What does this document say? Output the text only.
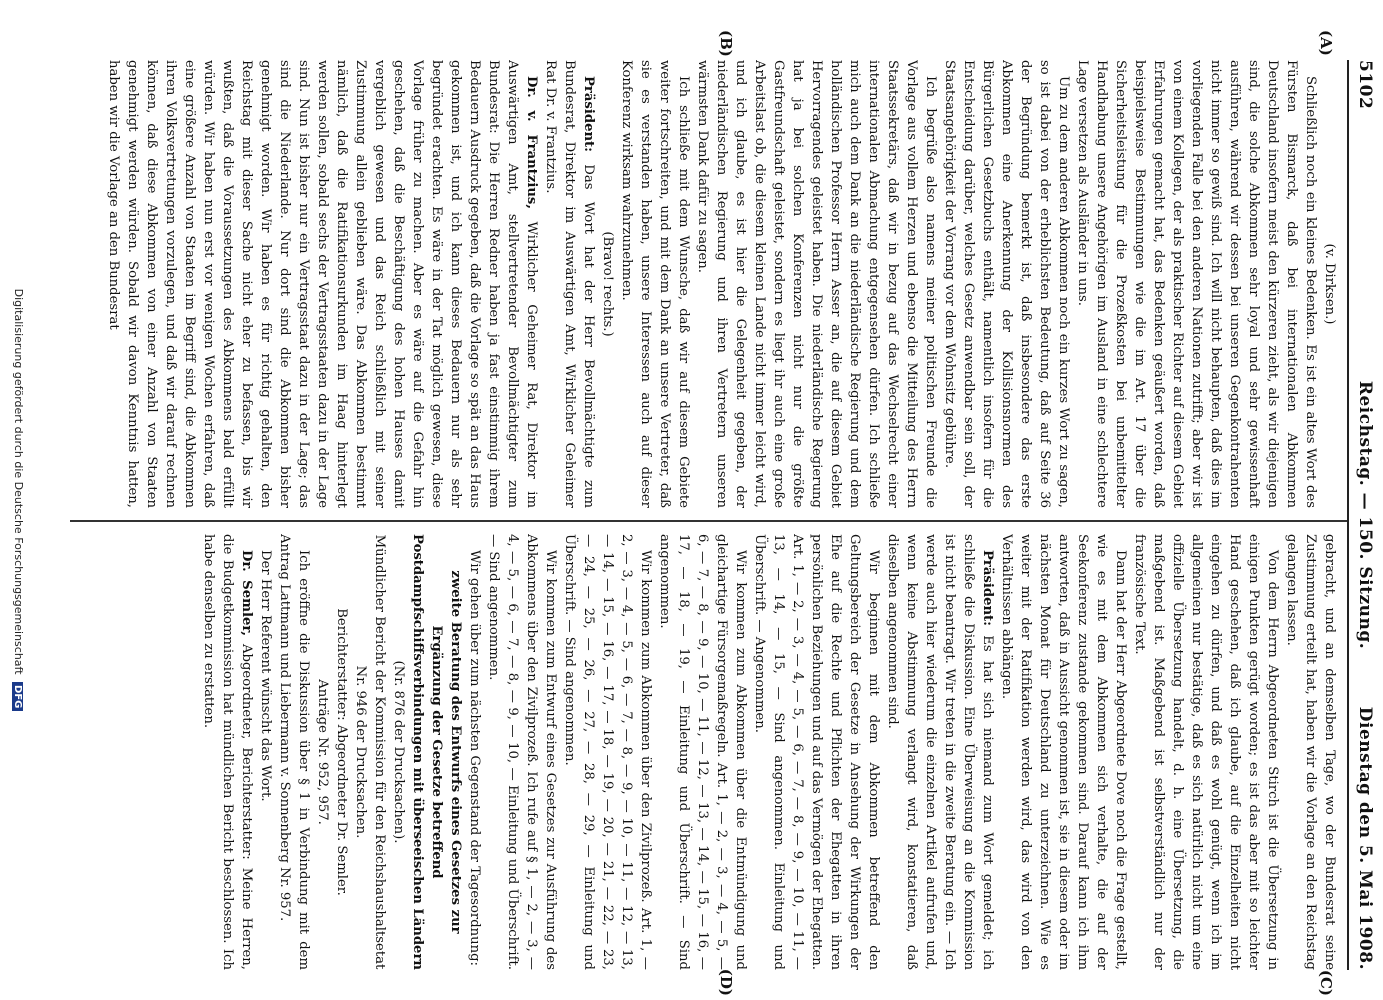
5102
Reichstag. — 150. Sitzung.
Dienstag den 5. Mai 1908.
(A)
(B)
(C)
(D)

(v. Dirksen.)

Schließlich noch ein kleines Bedenken. Es ist ein altes Wort des Fürsten Bismarck, daß bei internationalen Abkommen Deutschland insofern meist den kürzeren zieht, als wir diejenigen sind, die solche Abkommen sehr loyal und sehr gewissenhaft ausführen, während wir dessen bei unseren Gegenkontrahenten nicht immer so gewiß sind. Ich will nicht behaupten, daß dies im vorliegenden Falle bei den anderen Nationen zutrifft; aber wir ist von einem Kollegen, der als praktischer Richter auf diesem Gebiet Erfahrungen gemacht hat, das Bedenken geäußert worden, daß beispielsweise Bestimmungen wie die im Art. 17 über die Sicherheitsleistung für die Prozeßkosten bei unbemittelter Handhabung unsere Angehörigen im Ausland in eine schlechtere Lage versetzen als Ausländer in uns.

Um zu dem anderen Abkommen noch ein kurzes Wort zu sagen, so ist dabei von der erheblichsten Bedeutung, daß auf Seite 36 der Begründung bemerkt ist, daß insbesondere das erste Abkommen eine Anerkennung der Kollisionsnormen des Bürgerlichen Gesetzbuchs enthält, namentlich insofern für die Entscheidung darüber, welches Gesetz anwendbar sein soll, der Staatsangehörigkeit der Vorrang vor dem Wohnsitz gebühre.

Ich begrüße also namens meiner politischen Freunde die Vorlage aus vollem Herzen und ebenso die Mitteilung des Herrn Staatssekretärs, daß wir in bezug auf das Wechselrecht einer internationalen Abmachung entgegensehen dürfen. Ich schließe mich auch dem Dank an die niederländische Regierung und dem holländischen Professor Herrn Asser an, die auf diesem Gebiet Hervorragendes geleistet haben. Die niederländische Regierung hat ja bei solchen Konferenzen nicht nur die größte Gastfreundschaft geleistet, sondern es liegt ihr auch eine große Arbeitslast ob, die diesem kleinen Lande nicht immer leicht wird, und ich glaube, es ist hier die Gelegenheit gegeben, der niederländischen Regierung und ihren Vertretern unseren wärmsten Dank dafür zu sagen.

Ich schließe mit dem Wunsche, daß wir auf diesem Gebiete weiter fortschreiten, und mit dem Dank an unsere Vertreter, daß sie es verstanden haben, unsere Interessen auch auf dieser Konferenz wirksam wahrzunehmen.

(Bravo! rechts.)

Präsident: Das Wort hat der Herr Bevollmächtigte zum Bundesrat, Direktor im Auswärtigen Amt, Wirklicher Geheimer Rat Dr. v. Frantzius.

Dr. v. Frantzius, Wirklicher Geheimer Rat, Direktor im Auswärtigen Amt, stellvertretender Bevollmächtigter zum Bundesrat: Die Herren Redner haben ja fast einstimmig ihrem Bedauern Ausdruck gegeben, daß die Vorlage so spät an das Haus gekommen ist, und ich kann dieses Bedauern nur als sehr begründet erachten. Es wäre in der Tat möglich gewesen, diese Vorlage früher zu machen. Aber es wäre auf die Gefahr hin geschehen, daß die Beschäftigung des hohen Hauses damit vergeblich gewesen und das Reich schließlich mit seiner Zustimmung allein geblieben wäre. Das Abkommen bestimmt nämlich, daß die Ratifikationsurkunden im Haag hinterlegt werden sollen, sobald sechs der Vertragsstaaten dazu in der Lage sind. Nun ist bisher nur ein Vertragsstaat dazu in der Lage; das sind die Niederlande. Nur dort sind die Abkommen bisher genehmigt worden. Wir haben es für richtig gehalten, den Reichstag mit dieser Sache nicht eher zu befassen, bis wir wußten, daß die Voraussetzungen des Abkommens bald erfüllt würden. Wir haben nun erst vor wenigen Wochen erfahren, daß eine größere Anzahl von Staaten im Begriff sind, die Abkommen ihren Volksvertretungen vorzulegen, und daß wir darauf rechnen können, daß diese Abkommen von einer Anzahl von Staaten genehmigt werden würden. Sobald wir davon Kenntnis hatten, haben wir die Vorlage an den Bundesrat

gebracht, und an demselben Tage, wo der Bundesrat seine Zustimmung erteilt hat, haben wir die Vorlage an den Reichstag gelangen lassen.

Von dem Herrn Abgeordneten Stirch ist die Übersetzung in einigen Punkten gerügt worden; es ist das aber mit so leichter Hand geschehen, daß ich glaube, auf die Einzelheiten nicht eingehen zu dürfen, und daß es wohl genügt, wenn ich im allgemeinen nur bestätige, daß es sich natürlich nicht um eine offizielle Übersetzung handelt, d. h. eine Übersetzung, die maßgebend ist. Maßgebend ist selbstverständlich nur der französische Text.

Dann hat der Herr Abgeordnete Dove noch die Frage gestellt, wie es mit dem Abkommen sich verhalte, die auf der Seekonferenz zustande gekommen sind. Darauf kann ich ihm antworten, daß in Aussicht genommen ist, sie in diesem oder im nächsten Monat für Deutschland zu unterzeichnen. Wie es weiter mit der Ratifikation werden wird, das wird von den Verhältnissen abhängen.

Präsident: Es hat sich niemand zum Wort gemeldet; ich schließe die Diskussion. Eine Überweisung an die Kommission ist nicht beantragt. Wir treten in die zweite Beratung ein. — Ich werde auch hier wiederum die einzelnen Artikel aufrufen und, wenn keine Abstimmung verlangt wird, konstatieren, daß dieselben angenommen sind.

Wir beginnen mit dem Abkommen betreffend den Geltungsbereich der Gesetze in Ansehung der Wirkungen der Ehe auf die Rechte und Pflichten der Ehegatten in ihren persönlichen Beziehungen und auf das Vermögen der Ehegatten. Art. 1, — 2, — 3, — 4, — 5, — 6, — 7, — 8, — 9, — 10, — 11, — 13, — 14, — 15, — Sind angenommen. Einleitung und Überschrift. — Angenommen.

Wir kommen zum Abkommen über die Entmündigung und gleichartige Fürsorgemaßregeln. Art. 1, — 2, — 3, — 4, — 5, — 6, — 7, — 8, — 9, — 10, — 11, — 12, — 13, — 14, — 15, — 16, — 17, — 18, — 19, — Einleitung und Überschrift. — Sind angenommen.

Wir kommen zum Abkommen über den Zivilprozeß. Art. 1, — 2, — 3, — 4, — 5, — 6, — 7, — 8, — 9, — 10, — 11, — 12, — 13, — 14, — 15, — 16, — 17, — 18, — 19, — 20, — 21, — 22, — 23, — 24, — 25, — 26, — 27, — 28, — 29, — Einleitung und Überschrift. — Sind angenommen.

Wir kommen zum Entwurf eines Gesetzes zur Ausführung des Abkommens über den Zivilprozeß. Ich rufe auf § 1, — 2, — 3, — 4, — 5, — 6, — 7, — 8, — 9, — 10, — Einleitung und Überschrift. — Sind angenommen.

Wir gehen über zum nächsten Gegenstand der Tagesordnung:

zweite Beratung des Entwurfs eines Gesetzes zur Ergänzung der Gesetze betreffend Postdampfschiffsverbindungen mit überseeischen Ländern

(Nr. 876 der Drucksachen).

Mündlicher Bericht der Kommission für den Reichshaushaltsetat Nr. 946 der Drucksachen.

Berichterstatter: Abgeordneter Dr. Semler.

Anträge Nr. 952, 957.

Ich eröffne die Diskussion über § 1 in Verbindung mit dem Antrag Lattmann und Liebermann v. Sonnenberg Nr. 957.

Der Herr Referent wünscht das Wort.

Dr. Semler, Abgeordneter, Berichterstatter: Meine Herren, die Budgetkommission hat mündlichen Bericht beschlossen. Ich habe denselben zu erstatten.

Digitalisierung gefördert durch die Deutsche Forschungsgemeinschaft DFG
